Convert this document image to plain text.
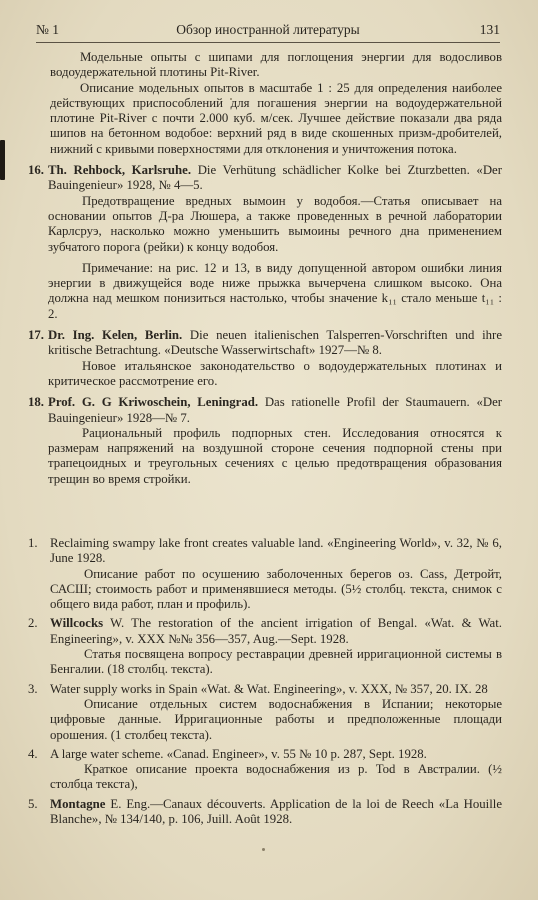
№ 1	Обзор иностранной литературы	131

Модельные опыты с шипами для поглощения энергии для водосливов водоудержательной плотины Pit-River.

Описание модельных опытов в масштабе 1 : 25 для определения наиболее действующих приспособлений для погашения энергии на водоудержательной плотине Pit-River с почти 2.000 куб. м/сек. Лучшее действие показали два ряда шипов на бетонном водобое: верхний ряд в виде скошенных призм-дробителей, нижний с кривыми поверхностями для отклонения и уничтожения потока.

16. Th. Rehbock, Karlsruhe. Die Verhütung schädlicher Kolke bei Zturzbetten. «Der Bauingenieur» 1928, № 4—5.

Предотвращение вредных вымоин у водобоя.—Статья описывает на основании опытов Д-ра Люшера, а также проведенных в речной лаборатории Карлсруэ, насколько можно уменьшить вымоины речного дна применением зубчатого порога (рейки) к концу водобоя.

Примечание: на рис. 12 и 13, в виду допущенной автором ошибки линия энергии в движущейся воде ниже прыжка вычерчена слишком высоко. Она должна над мешком понизиться настолько, чтобы значение k₁₁ стало меньше t₁₁ : 2.

17. Dr. Ing. Kelen, Berlin. Die neuen italienischen Talsperren-Vorschriften und ihre kritische Betrachtung. «Deutsche Wasserwirtschaft» 1927—№ 8.

Новое итальянское законодательство о водоудержательных плотинах и критическое рассмотрение его.

18. Prof. G. G Kriwoschein, Leningrad. Das rationelle Profil der Staumauern. «Der Bauingenieur» 1928—№ 7.

Рациональный профиль подпорных стен. Исследования относятся к размерам напряжений на воздушной стороне сечения подпорной стены при трапецоидных и треугольных сечениях с целью предотвращения образования трещин во время стройки.

1. Reclaiming swampy lake front creates valuable land. «Engineering World», v. 32, № 6, June 1928.

Описание работ по осушению заболоченных берегов оз. Cass, Детройт, САСШ; стоимость работ и применявшиеся методы. (5½ столбц. текста, снимок с общего вида работ, план и профиль).

2. Willcocks W. The restoration of the ancient irrigation of Bengal. «Wat. & Wat. Engineering», v. XXX №№ 356—357, Aug.—Sept. 1928.

Статья посвящена вопросу реставрации древней ирригационной системы в Бенгалии. (18 столбц. текста).

3. Water supply works in Spain «Wat. & Wat. Engineering», v. XXX, № 357, 20. IX. 28

Описание отдельных систем водоснабжения в Испании; некоторые цифровые данные. Ирригационные работы и предположенные площади орошения. (1 столбец текста).

4. A large water scheme. «Canad. Engineer», v. 55 № 10 p. 287, Sept. 1928.

Краткое описание проекта водоснабжения из р. Tod в Австралии. (½ столбца текста),

5. Montagne E. Eng.—Canaux découverts. Application de la loi de Reech «La Houille Blanche», № 134/140, p. 106, Juill. Août 1928.
